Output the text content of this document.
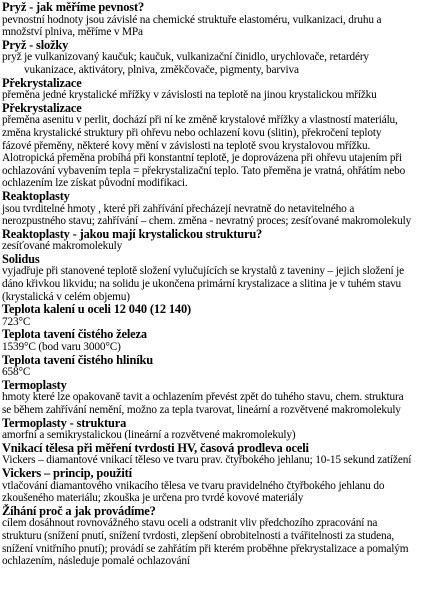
Pryž - jak měříme pevnost?
pevnostní hodnoty jsou závislé na chemické struktuře elastoméru, vulkanizaci, druhu a
množství plniva, měříme v MPa
Pryž - složky
pryž je vulkanizovaný kaučuk; kaučuk, vulkanizační činidlo, urychlovače, retardéry
vukanizace, aktivátory, plniva, změkčovače, pigmenty, barviva
Překrystalizace
přeměna jedné krystalické mřížky v závislosti na teplotě na jinou krystalickou mřížku
Překrystalizace
přeměna asenitu v perlit, dochází při ní ke změně krystalové mřížky a vlastností materiálu,
změna krystalické struktury při ohřevu nebo ochlazení kovu (slitin), překročení teploty
fázové přeměny, některé kovy mění v závislosti na teplotě svou krystalovou mřížku.
Alotropická přeměna probíhá při konstantní teplotě, je doprovázena při ohřevu utajením při
ochlazování vybavením tepla = překrystalizační teplo. Tato přeměna je vratná, ohřátím nebo
ochlazením lze získat původní modifikaci.
Reaktoplasty
jsou tvrditelné hmoty , které při zahřívání přecházejí nevratně do netavitelného a
nerozpustného stavu; zahřívání – chem. změna - nevratný proces; zesíťované makromolekuly
Reaktoplasty - jakou mají krystalickou strukturu?
zesíťované makromolekuly
Solidus
vyjadřuje při stanovené teplotě složení vylučujících se krystalů z taveniny – jejich složení je
dáno křivkou likvidu; na solidu je ukončena primární krystalizace a slitina je v tuhém stavu
(krystalická v celém objemu)
Teplota kalení u oceli 12 040 (12 140)
723°C
Teplota tavení čistého železa
1539°C (bod varu 3000°C)
Teplota tavení čistého hliníku
658°C
Termoplasty
hmoty které lze opakovaně tavit a ochlazením převést zpět do tuhého stavu, chem. struktura
se během zahřívání nemění, možno za tepla tvarovat, lineární a rozvětvené makromolekuly
Termoplasty - struktura
amorfní a semikrystalickou (lineární a rozvětvené makromolekuly)
Vnikací tělesa při měření tvrdosti HV, časová prodleva oceli
Vickers – diamantové vnikací těleso ve tvaru prav. čtyřbokého jehlanu; 10-15 sekund zatížení
Vickers – princip, použití
vtlačování diamantového vnikacího tělesa ve tvaru pravidelného čtyřbokého jehlanu do
zkoušeného materiálu; zkouška je určena pro tvrdé kovové materiály
Žíhání proč a jak provádíme?
cílem dosáhnout rovnovážného stavu oceli a odstranit vliv předchozího zpracování na
strukturu (snížení pnutí, snížení tvrdosti, zlepšení obrobitelnosti a tvářitelnosti za studena,
snížení vnitřního pnutí); provádí se zahřátím při kterém proběhne překrystalizace a pomalým
ochlazením, následuje pomalé ochlazování
